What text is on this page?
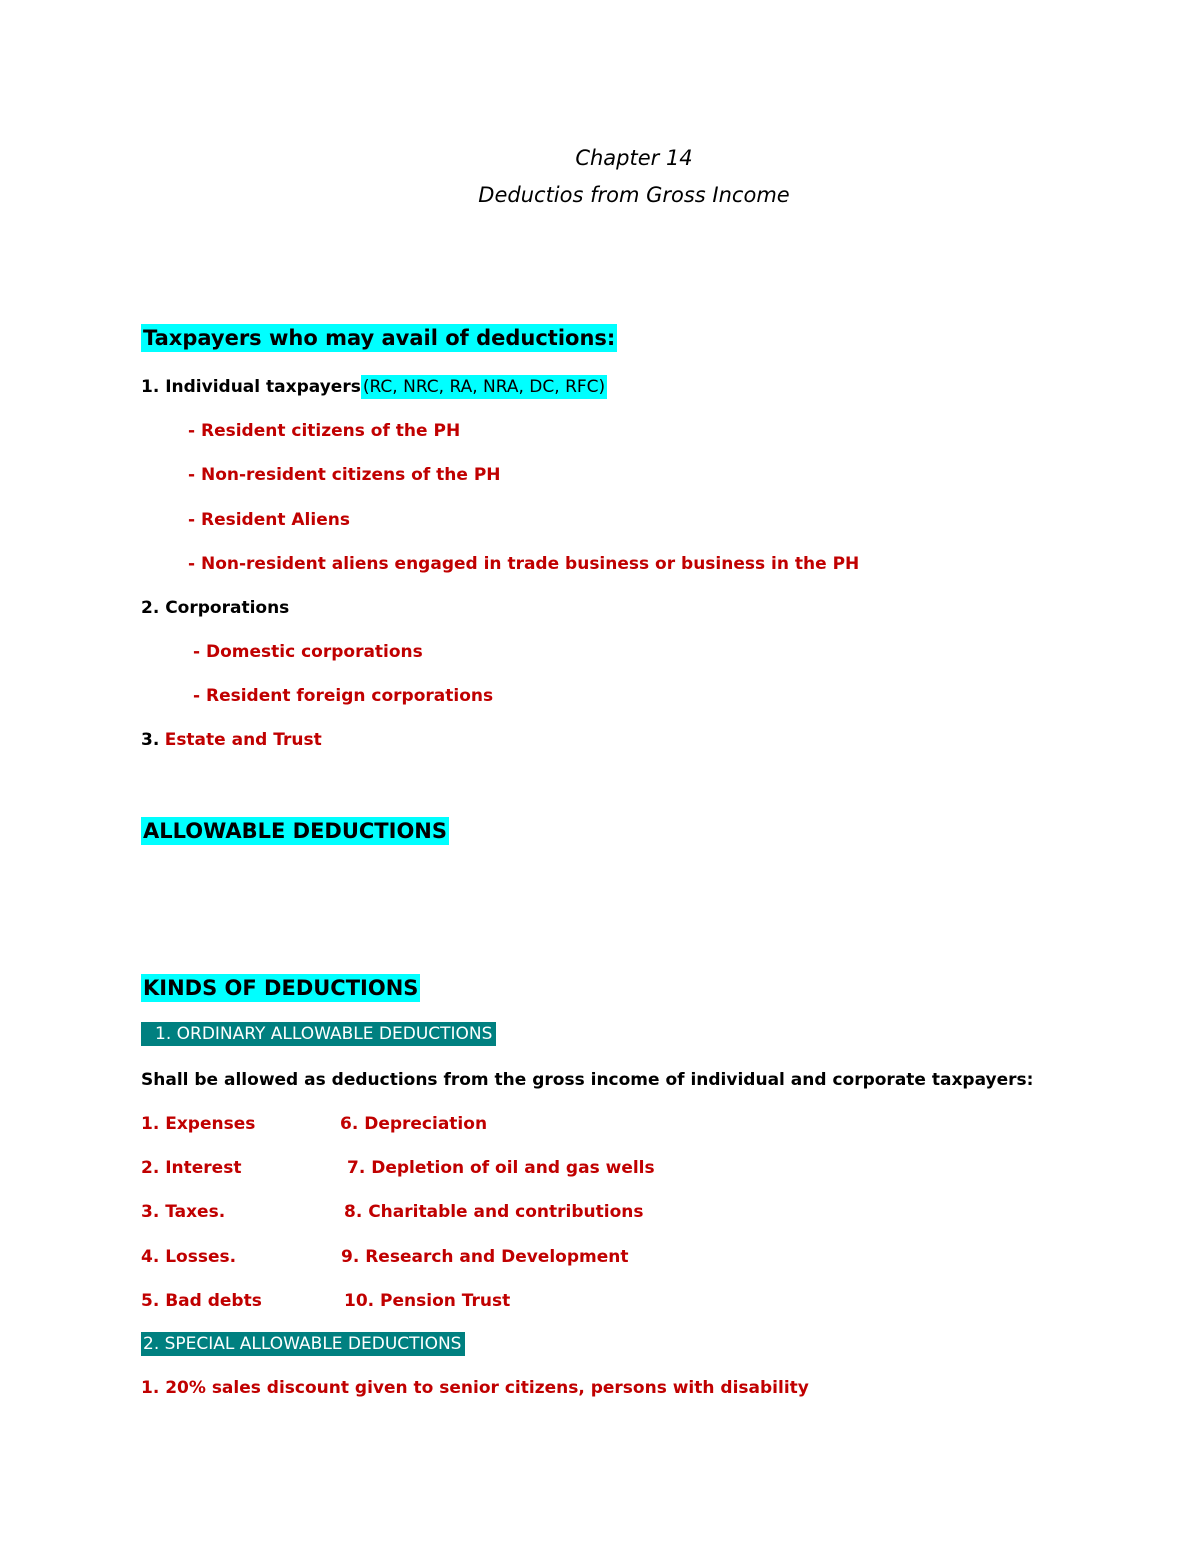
Chapter 14
Deductios from Gross Income
Taxpayers who may avail of deductions:
1. Individual taxpayers (RC, NRC, RA, NRA, DC, RFC)
- Resident citizens of the PH
- Non-resident citizens of the PH
- Resident Aliens
- Non-resident aliens engaged in trade business or business in the PH
2. Corporations
- Domestic corporations
- Resident foreign corporations
3. Estate and Trust
ALLOWABLE DEDUCTIONS
KINDS OF DEDUCTIONS
1. ORDINARY ALLOWABLE DEDUCTIONS
Shall be allowed as deductions from the gross income of individual and corporate taxpayers:
1. Expenses
2. Interest
3. Taxes.
4. Losses.
5. Bad debts
6. Depreciation
7. Depletion of oil and gas wells
8. Charitable and contributions
9. Research and Development
10. Pension Trust
2. SPECIAL ALLOWABLE DEDUCTIONS
1. 20% sales discount given to senior citizens, persons with disability
